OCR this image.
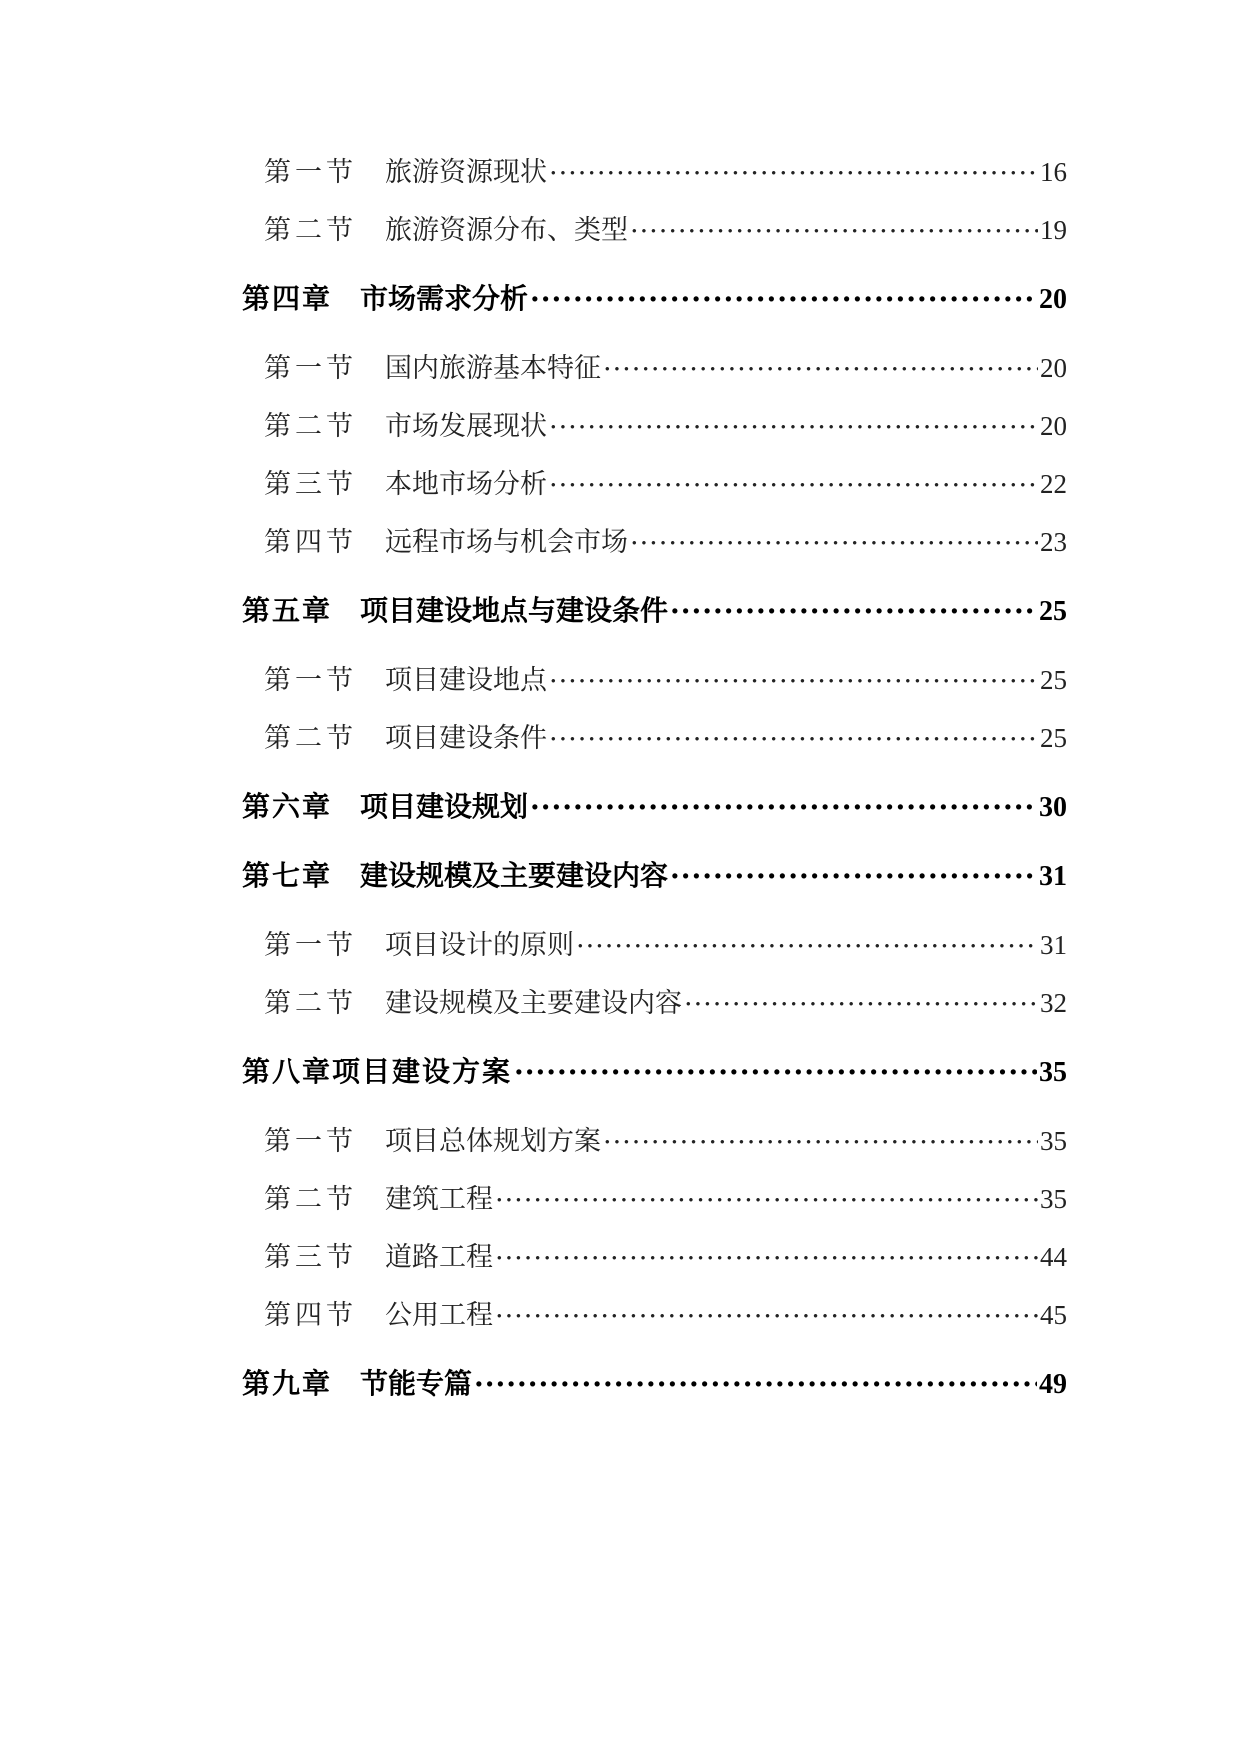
第一节 旅游资源现状 .....	16
第二节 旅游资源分布、类型 .....	19
第四章 市场需求分析 .....	20
第一节 国内旅游基本特征 .....	20
第二节 市场发展现状 .....	20
第三节 本地市场分析 .....	22
第四节 远程市场与机会市场 .....	23
第五章 项目建设地点与建设条件 .....	25
第一节 项目建设地点 .....	25
第二节 项目建设条件 .....	25
第六章 项目建设规划 .....	30
第七章 建设规模及主要建设内容 .....	31
第一节 项目设计的原则 .....	31
第二节 建设规模及主要建设内容 .....	32
第八章项目建设方案 .....	35
第一节 项目总体规划方案 .....	35
第二节 建筑工程 .....	35
第三节 道路工程 .....	44
第四节 公用工程 .....	45
第九章 节能专篇 .....	49
